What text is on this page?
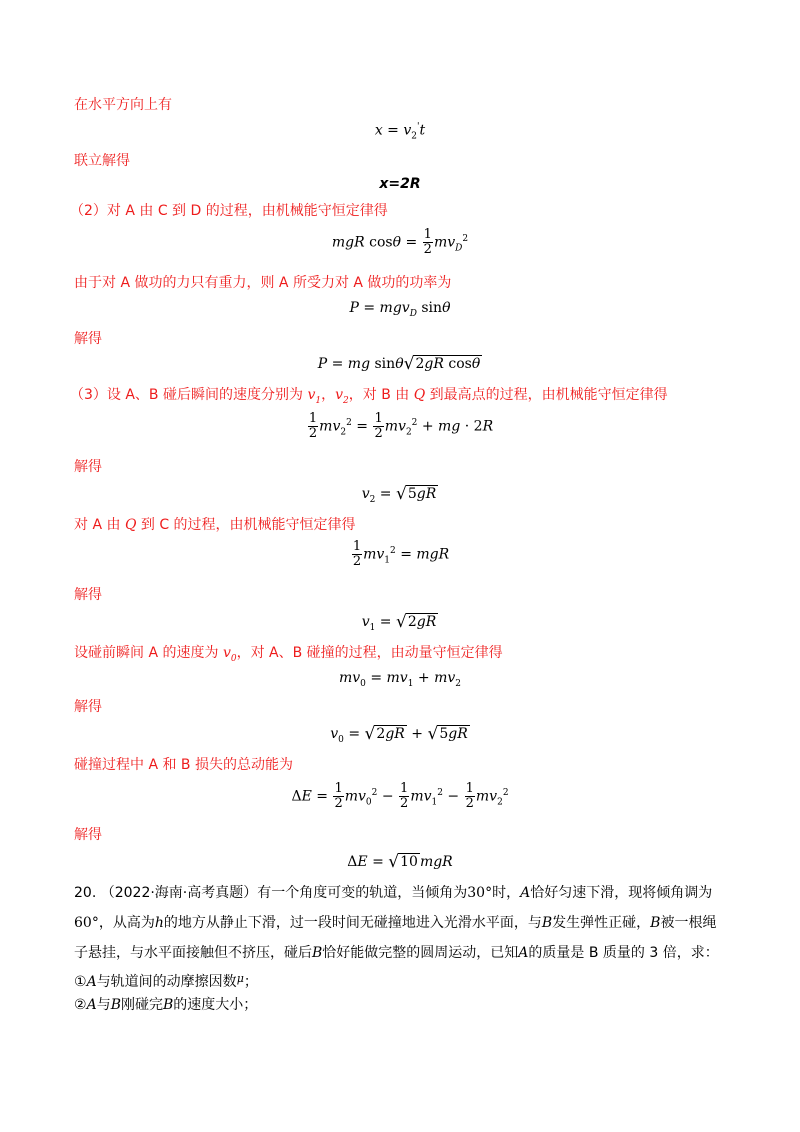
在水平方向上有
$x = v_2't$
联立解得
x=2R
（2）对 A 由 C 到 D 的过程，由机械能守恒定律得
mgR $\cos\theta = \frac{1}{2} mv_D^2$
由于对 A 做功的力只有重力，则 A 所受力对 A 做功的功率为
P = mgv$_D$ sinθ
解得
P = mg sinθ√2gR cosθ
（3）设 A、B 碰后瞬间的速度分别为 $v_1$，$v_2$，对 B 由 Q 到最高点的过程，由机械能守恒定律得
$\frac{1}{2} mv_2^2 = \frac{1}{2} mv_2^2$ + mg · 2R
解得
$v_2 = √5gR$
对 A 由 Q 到 C 的过程，由机械能守恒定律得
$\frac{1}{2} mv_1^2$ = mgR
解得
$v_1 = √2gR$
设碰前瞬间 A 的速度为 $v_0$，对 A、B 碰撞的过程，由动量守恒定律得
$mv_0 = mv_1 + mv_2$
解得
$v_0 = √2gR + √5gR$
碰撞过程中 A 和 B 损失的总动能为
$\Delta E = \frac{1}{2} mv_0^2 - \frac{1}{2} mv_1^2 - \frac{1}{2} mv_2^2$
解得
ΔE = √10 mgR
20. （2022·海南·高考真题）有一个角度可变的轨道，当倾角为30°时，A恰好匀速下滑，现将倾角调为
60°，从高为h的地方从静止下滑，过一段时间无碰撞地进入光滑水平面，与B发生弹性正碰，B被一根绳
子悬挂，与水平面接触但不挤压，碰后B恰好能做完整的圆周运动，已知A的质量是 B 质量的 3 倍，求：
①A与轨道间的动摩擦因数$^\mu$；
②A与B刚碰完B的速度大小；
